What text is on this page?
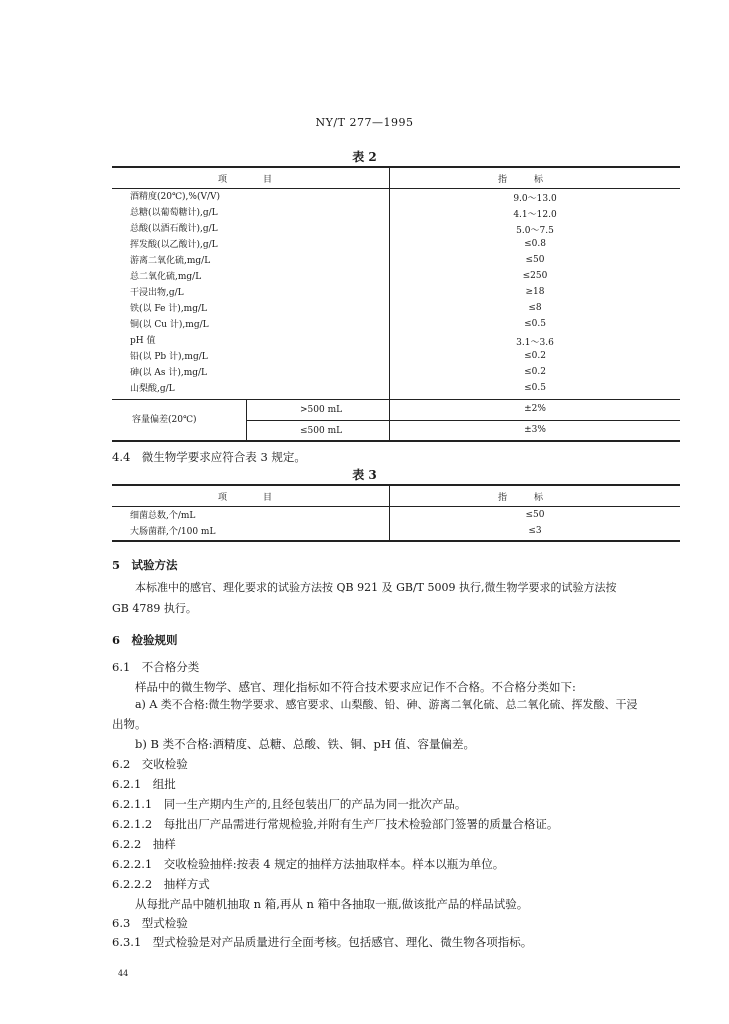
NY/T 277—1995
表 2
项　　　　目	指　　　标
酒精度(20℃),%(V/V)	9.0～13.0
总糖(以葡萄糖计),g/L	4.1～12.0
总酸(以酒石酸计),g/L	5.0～7.5
挥发酸(以乙酸计),g/L	≤0.8
游离二氧化硫,mg/L	≤50
总二氧化硫,mg/L	≤250
干浸出物,g/L	≥18
铁(以 Fe 计),mg/L	≤8
铜(以 Cu 计),mg/L	≤0.5
pH 值	3.1～3.6
铅(以 Pb 计),mg/L	≤0.2
砷(以 As 计),mg/L	≤0.2
山梨酸,g/L	≤0.5
容量偏差(20℃)
>500 mL	±2%
≤500 mL	±3%
4.4　微生物学要求应符合表 3 规定。
表 3
项　　　　目	指　　　标
细菌总数,个/mL	≤50
大肠菌群,个/100 mL	≤3
5　试验方法
本标准中的感官、理化要求的试验方法按 QB 921 及 GB/T 5009 执行,微生物学要求的试验方法按
GB 4789 执行。
6　检验规则
6.1　不合格分类
样品中的微生物学、感官、理化指标如不符合技术要求应记作不合格。不合格分类如下:
a) A 类不合格:微生物学要求、感官要求、山梨酸、铅、砷、游离二氧化硫、总二氧化硫、挥发酸、干浸
出物。
b) B 类不合格:酒精度、总糖、总酸、铁、铜、pH 值、容量偏差。
6.2　交收检验
6.2.1　组批
6.2.1.1　同一生产期内生产的,且经包装出厂的产品为同一批次产品。
6.2.1.2　每批出厂产品需进行常规检验,并附有生产厂技术检验部门签署的质量合格证。
6.2.2　抽样
6.2.2.1　交收检验抽样:按表 4 规定的抽样方法抽取样本。样本以瓶为单位。
6.2.2.2　抽样方式
从每批产品中随机抽取 n 箱,再从 n 箱中各抽取一瓶,做该批产品的样品试验。
6.3　型式检验
6.3.1　型式检验是对产品质量进行全面考核。包括感官、理化、微生物各项指标。
44
